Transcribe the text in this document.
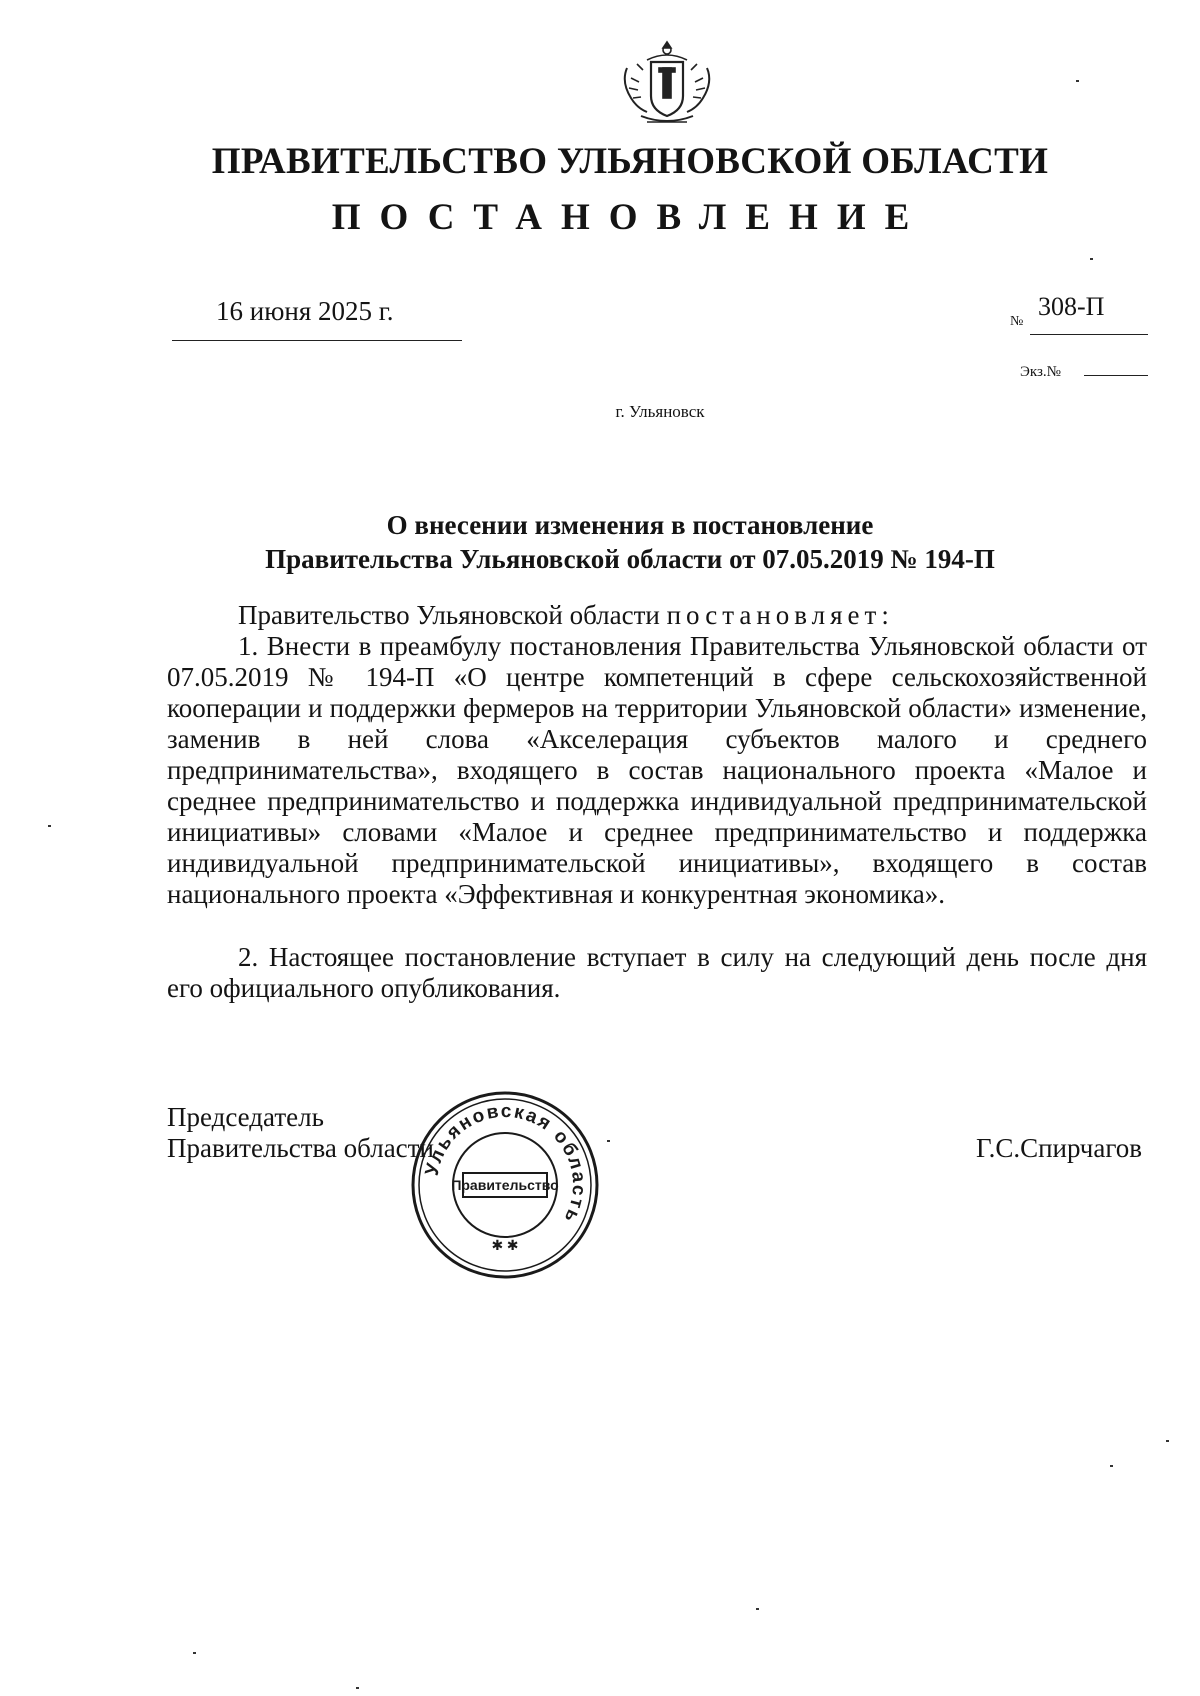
ПРАВИТЕЛЬСТВО УЛЬЯНОВСКОЙ ОБЛАСТИ
ПОСТАНОВЛЕНИЕ
16 июня 2025 г.	№
308-П
Экз.№
г. Ульяновск
О внесении изменения в постановление
Правительства Ульяновской области от 07.05.2019 № 194-П
Правительство Ульяновской области постановляет:
1. Внести в преамбулу постановления Правительства Ульяновской области от 07.05.2019 № 194-П «О центре компетенций в сфере сельскохозяйственной кооперации и поддержки фермеров на территории Ульяновской области» изменение, заменив в ней слова «Акселерация субъектов малого и среднего предпринимательства», входящего в состав национального проекта «Малое и среднее предпринимательство и поддержка индивидуальной предпринимательской инициативы» словами «Малое и среднее предпринимательство и поддержка индивидуальной предпринимательской инициативы», входящего в состав национального проекта «Эффективная и конкурентная экономика».
2. Настоящее постановление вступает в силу на следующий день после дня его официального опубликования.
Председатель
Правительства области	Г.С.Спирчагов
Ульяновская область
Правительство
✱ ✱
